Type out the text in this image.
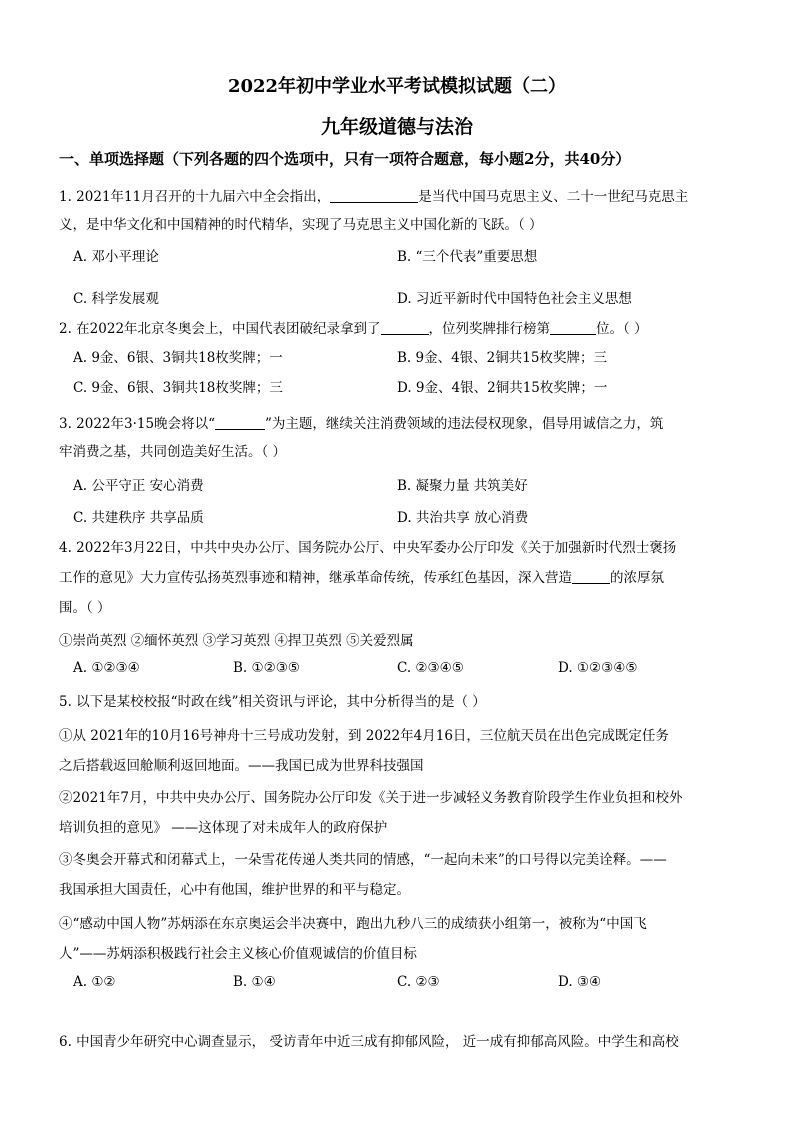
2022年初中学业水平考试模拟试题（二）
九年级道德与法治
一、单项选择题（下列各题的四个选项中，只有一项符合题意，每小题2分，共40分）
1. 2021年11月召开的十九届六中全会指出，	是当代中国马克思主义、二十一世纪马克思主
义，是中华文化和中国精神的时代精华，实现了马克思主义中国化新的飞跃。（ ）
A. 邓小平理论	B. “三个代表”重要思想
C. 科学发展观	D. 习近平新时代中国特色社会主义思想
2. 在2022年北京冬奥会上，中国代表团破纪录拿到了	，位列奖牌排行榜第	位。（ ）
A. 9金、6银、3铜共18枚奖牌；一	B. 9金、4银、2铜共15枚奖牌；三
C. 9金、6银、3铜共18枚奖牌；三	D. 9金、4银、2铜共15枚奖牌；一
3. 2022年3·15晚会将以“	”为主题，继续关注消费领域的违法侵权现象，倡导用诚信之力，筑
牢消费之基，共同创造美好生活。（ ）
A. 公平守正 安心消费	B. 凝聚力量 共筑美好
C. 共建秩序 共享品质	D. 共治共享 放心消费
4. 2022年3月22日，中共中央办公厅、国务院办公厅、中央军委办公厅印发《关于加强新时代烈士褒扬
工作的意见》大力宣传弘扬英烈事迹和精神，继承革命传统，传承红色基因，深入营造	的浓厚氛
围。（ ）
①崇尚英烈 ②缅怀英烈 ③学习英烈 ④捍卫英烈 ⑤关爱烈属
A. ①②③④	B. ①②③⑤	C. ②③④⑤	D. ①②③④⑤
5. 以下是某校校报“时政在线”相关资讯与评论，其中分析得当的是（ ）
①从 2021年的10月16号神舟十三号成功发射，到 2022年4月16日，三位航天员在出色完成既定任务
之后搭载返回舱顺利返回地面。——我国已成为世界科技强国
②2021年7月，中共中央办公厅、国务院办公厅印发《关于进一步减轻义务教育阶段学生作业负担和校外
培训负担的意见》 ——这体现了对未成年人的政府保护
③冬奥会开幕式和闭幕式上，一朵雪花传递人类共同的情感，“一起向未来”的口号得以完美诠释。——
我国承担大国责任，心中有他国，维护世界的和平与稳定。
④“感动中国人物”苏炳添在东京奥运会半决赛中，跑出九秒八三的成绩获小组第一，被称为“中国飞
人”——苏炳添积极践行社会主义核心价值观诚信的价值目标
A. ①②	B. ①④	C. ②③	D. ③④
6. 中国青少年研究中心调查显示， 受访青年中近三成有抑郁风险， 近一成有抑郁高风险。中学生和高校
